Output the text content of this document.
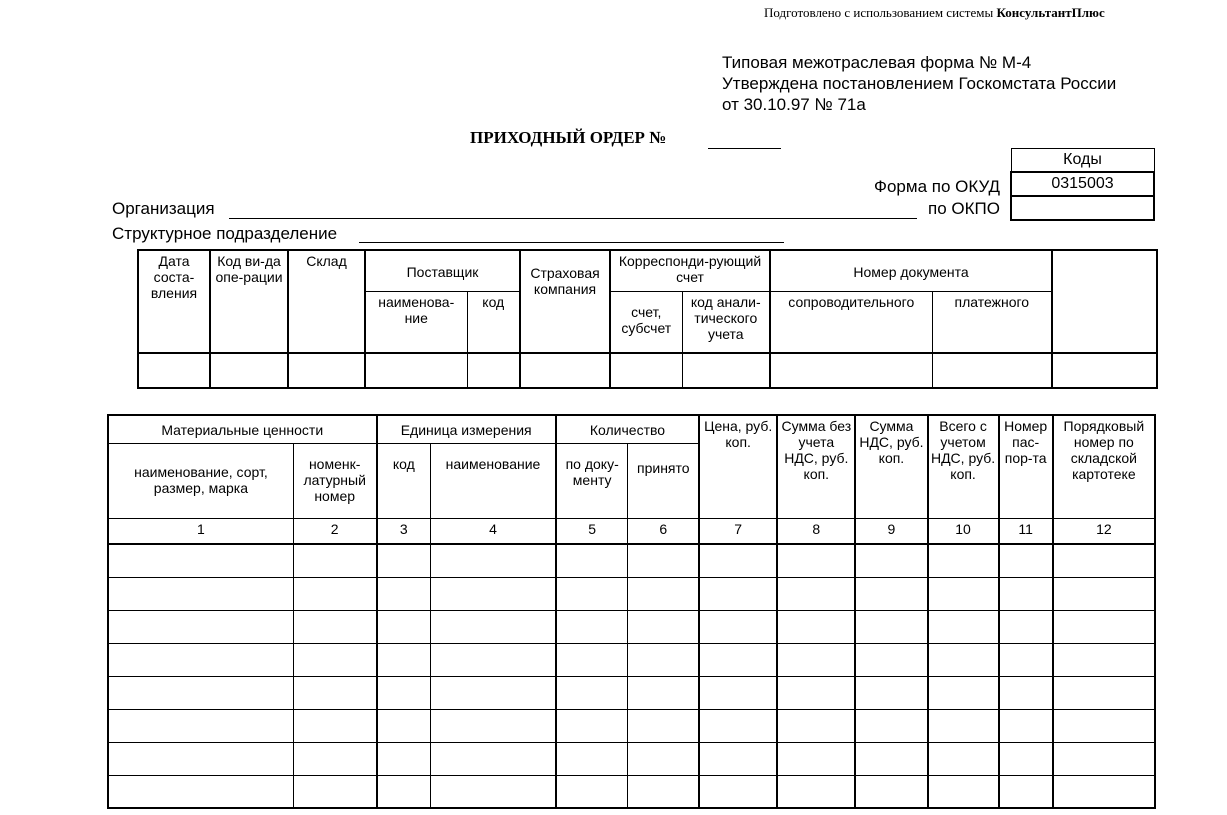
Подготовлено с использованием системы КонсультантПлюс
Типовая межотраслевая форма № М-4
Утверждена постановлением Госкомстата России
от 30.10.97 № 71а
ПРИХОДНЫЙ ОРДЕР №
Коды
0315003

Форма по ОКУД
по ОКПО
Организация
Структурное подразделение
Дата соста-вления	Код ви-да опе-рации	Склад	Поставщик		Страховая компания	Корреспонди-рующий счет		Номер документа		
			наименова-ние	код		счет, субсчет	код анали-тического учета	сопроводительного	платежного	

Материальные ценности		Единица измерения		Количество		Цена, руб. коп.	Сумма без учета НДС, руб. коп.	Сумма НДС, руб. коп.	Всего с учетом НДС, руб. коп.	Номер пас-пор-та	Порядковый номер по складской картотеке
наименование, сорт, размер, марка	номенк-латурный номер	код	наименование	по доку-менту	принято						
1	2	3	4	5	6	7	8	9	10	11	12
